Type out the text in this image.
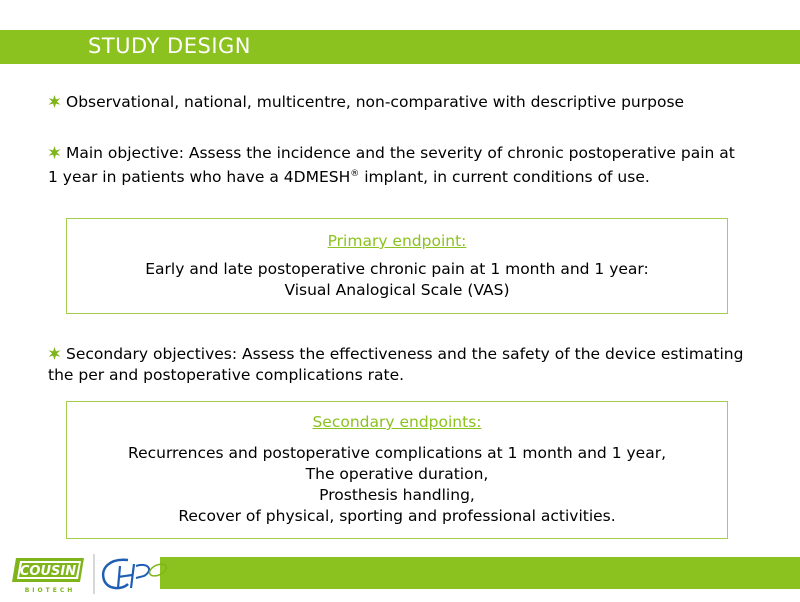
STUDY DESIGN
Observational, national, multicentre, non-comparative with descriptive purpose
Main objective: Assess the incidence and the severity of chronic postoperative pain at 1 year in patients who have a 4DMESH® implant, in current conditions of use.
Primary endpoint:
Early and late postoperative chronic pain at 1 month and 1 year:
Visual Analogical Scale (VAS)
Secondary objectives: Assess the effectiveness and the safety of the device estimating the per and postoperative complications rate.
Secondary endpoints:
Recurrences and postoperative complications at 1 month and 1 year,
The operative duration,
Prosthesis handling,
Recover of physical, sporting and professional activities.
COUSIN
BIOTECH
